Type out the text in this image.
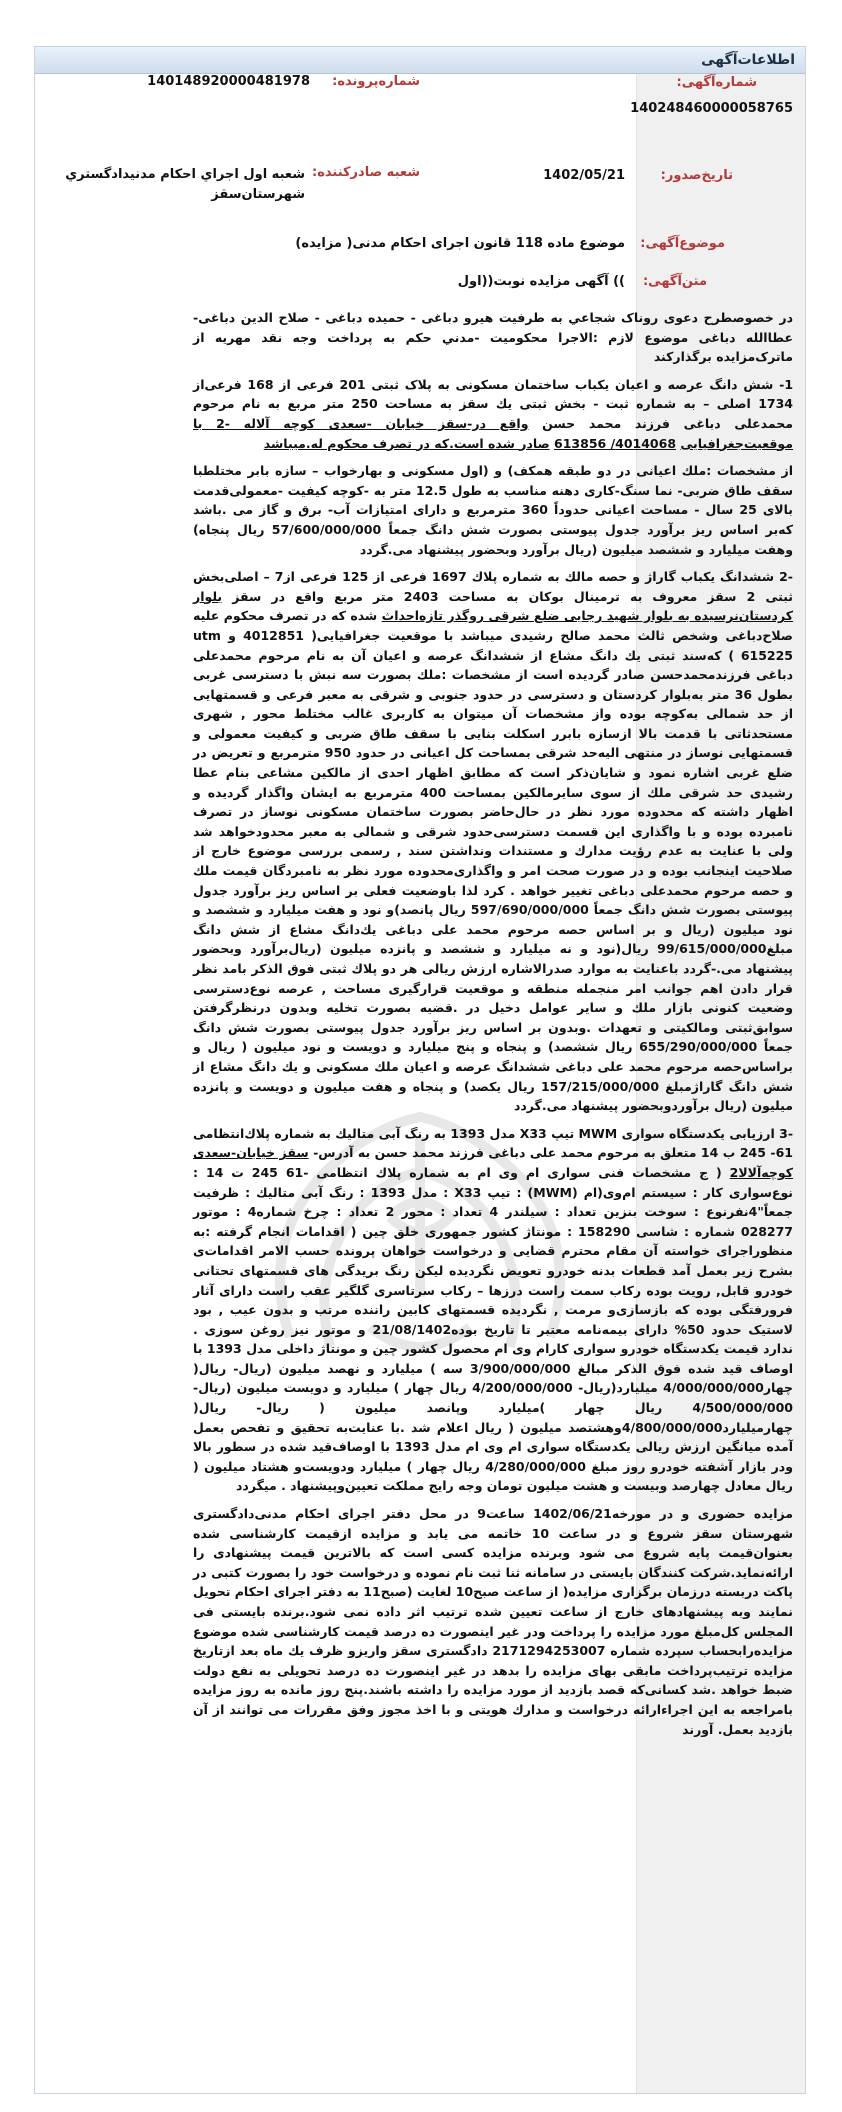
اطلاعات‌آگهی
شماره‌آگهی:
140248460000058765
شماره‌پرونده:
140148920000481978
تاریخ‌صدور:
1402/05/21
شعبه صادرکننده:
شعبه اول اجراي احكام مدنيدادگستري شهرستان‌سقز
موضوع‌آگهی:
موضوع ماده 118 قانون اجرای احکام مدنی( مزایده)
متن‌آگهی:
)) آگهی مزایده نوبت((اول

در خصوصطرح دعوی روناک شجاعي به طرفيت هيرو دباغی - حميده دباغی - صلاح الدين دباغی-عطاالله دباغی موضوع لازم :الاجرا محكوميت -مدني حكم به پرداخت وجه نقد مهريه از ماترک‌مزايده برگذاركند

1- شش دانگ عرصه و اعیان یکباب ساختمان مسکونی به پلاک ثبتی 201 فرعی از 168 فرعی‌از 1734 اصلی – به شماره ثبت - بخش ثبتی یك سقز به مساحت 250 متر مربع به نام مرحوم محمدعلی دباغی فرزند محمد حسن واقع در-سقز خیابان -سعدی کوچه آلاله -2 با موقعیت‌جغرافیایی 4014068/ 613856 صادر شده است.که در تصرف محکوم له.میباشد

از مشخصات :ملك اعیانی در دو طبقه همکف) و (اول مسکونی و بهارخواب – سازه بابر مختلطبا سقف طاق ضربی- نما سنگ-کاری دهنه مناسب به طول 12.5 متر به -کوچه کیفیت -معمولی‌قدمت بالای 25 سال - مساحت اعیانی حدوداً 360 مترمربع و دارای امتیازات آب- برق و گاز می .باشد که‌بر اساس ریز برآورد جدول پیوستی بصورت شش دانگ جمعاً 57/600/000/000 ریال پنجاه) وهفت میلیارد و ششصد میلیون (ریال برآورد وبحضور پیشنهاد می.گردد

-2 ششدانگ یکباب گاراژ و حصه مالك به شماره پلاك 1697 فرعی از 125 فرعی از7 – اصلی‌بخش ثبتی 2 سقز معروف به ترمینال بوکان به مساحت 2403 متر مربع واقع در سقز بلوار کردستان‌نرسیده به بلوار شهید رجایی ضلع شرقی روگذر تازه‌احداث شده که در تصرف محکوم علیه صلاح‌دباغی وشخص ثالث محمد صالح رشیدی میباشد با موقعیت جغرافیایی( 4012851 و utm 615225 ) که‌سند ثبتی یك دانگ مشاع از ششدانگ عرصه و اعیان آن به نام مرحوم محمدعلی دباغی فرزندمحمدحسن صادر گردیده است از مشخصات :ملك بصورت سه نبش با دسترسی غربی بطول 36 متر به‌بلوار کردستان و دسترسی در حدود جنوبی و شرقی به معبر فرعی و قسمتهایی از حد شمالی به‌کوچه بوده واز مشخصات آن میتوان به کاربری غالب مختلط محور , شهری مستحدثاتی با قدمت بالا ازسازه بابرر اسکلت بنایی با سقف طاق ضربی و کیفیت معمولی و قسمتهایی نوساز در منتهی الیه‌حد شرقی بمساحت کل اعیانی در حدود 950 مترمربع و تعریض در ضلع غربی اشاره نمود و شایان‌ذکر است که مطابق اظهار احدی از مالکین مشاعی بنام عطا رشیدی حد شرقی ملك از سوی سایرمالکین بمساحت 400 مترمربع به ایشان واگذار گردیده و اظهار داشته که محدوده مورد نظر در حال‌حاضر بصورت ساختمان مسکونی نوساز در تصرف نامبرده بوده و با واگذاری این قسمت دسترسی‌حدود شرقی و شمالی به معبر محدودخواهد شد ولی با عنایت به عدم رؤیت مدارك و مستندات ونداشتن سند , رسمی بررسی موضوع خارج از صلاحیت اینجانب بوده و در صورت صحت امر و واگذاری‌محدوده مورد نظر به نامبردگان قیمت ملك و حصه مرحوم محمدعلی دباغی تغییر خواهد . کرد لذا باوضعیت فعلی بر اساس ریز برآورد جدول پیوستی بصورت شش دانگ جمعاً 597/690/000/000 ریال پانصد)و نود و هفت میلیارد و ششصد و نود میلیون (ریال و بر اساس حصه مرحوم محمد علی دباغی یك‌دانگ مشاع از شش دانگ مبلغ99/615/000/000 ریال(نود و نه میلیارد و ششصد و پانزده میلیون (ریال‌برآورد وبحضور پیشنهاد می.-گردد باعنایت به موارد صدرالاشاره ارزش ریالی هر دو پلاك ثبتی فوق الذکر بامد نظر قرار دادن اهم جوانب امر منجمله منطقه و موقعیت قرارگیری مساحت , عرصه نوع‌دسترسی وضعیت کنونی بازار ملك و سایر عوامل دخیل در .قضیه بصورت تخلیه وبدون درنظرگرفتن سوابق‌ثبتی ومالکیتی و تعهدات .وبدون بر اساس ریز برآورد جدول پیوستی بصورت شش دانگ جمعاً 655/290/000/000 ریال ششصد) و پنجاه و پنج میلیارد و دویست و نود میلیون ( ریال و براساس‌حصه مرحوم محمد علی دباغی ششدانگ عرصه و اعیان ملك مسکونی و یك دانگ مشاع از شش دانگ گاراژمبلغ 157/215/000/000 ریال یکصد) و پنجاه و هفت میلیون و دویست و پانزده میلیون (ریال برآوردوبحضور پیشنهاد می.گردد

-3 ارزیابی یکدستگاه سواری MWM تیپ X33 مدل 1393 به رنگ آبی متالیك به شماره پلاك‌انتظامی 61- 245 ب 14 متعلق به مرحوم محمد علی دباغی فرزند محمد حسن به آدرس- سقز خیابان-سعدی کوچه‌آلالا2 ( ج مشخصات فنی سواری ام وی ام به شماره پلاك انتظامی -61 245 ت 14 : نوع‌سواری کار : سیستم ام‌وی‌(ام (MWM) : تیپ X33 : مدل 1393 : رنگ آبی متالیك : ظرفیت جمعاً"4نفرنوع : سوخت بنزین تعداد : سیلندر 4 تعداد : محور 2 تعداد : چرخ شماره4 : موتور 028277 شماره : شاسی 158290 : مونتاژ کشور جمهوری خلق چین ( اقدامات انجام گرفته :به منظوراجرای خواسته آن مقام محترم قضایی و درخواست خواهان پرونده حسب الامر اقدامات‌ی بشرح زیر بعمل آمد قطعات بدنه خودرو تعویض نگردیده لیکن رنگ بریدگی های قسمتهای تحتانی خودرو قابل, رویت بوده رکاب سمت راست درزها – رکاب سرتاسری گلگیر عقب راست دارای آثار فرورفتگی بوده که بازسازی‌و مرمت , نگردیده قسمتهای کابین راننده مرتب و بدون عیب , بود لاستیک حدود 50% دارای بیمه‌نامه معتبر تا تاریخ بوده21/08/1402 و موتور نیز روغن سوزی . ندارد قیمت یکدستگاه خودرو سواری کارام وی ام محصول کشور چین و مونتاژ داخلی مدل 1393 با اوصاف قید شده فوق الذکر مبالغ 3/900/000/000 سه ) میلیارد و نهصد میلیون (ریال- ریال( چهار4/000/000/000 میلیارد(ریال- 4/200/000/000 ریال چهار ) میلیارد و دویست میلیون (ریال- 4/500/000/000 ریال چهار )میلیارد وپانصد میلیون ( ریال- ریال( چهارمیلیارد4/800/000/000وهشتصد میلیون ( ریال اعلام شد .با عنایت‌به تحقیق و تفحص بعمل آمده میانگین ارزش ریالی یکدستگاه سواری ام وی ام مدل 1393 با اوصاف‌قید شده در سطور بالا ودر بازار آشفته خودرو روز مبلغ 4/280/000/000 ریال چهار ) میلیارد ودویست‌و هشتاد میلیون ( ریال معادل چهارصد وبیست و هشت میلیون تومان وجه رایج مملکت تعیین‌وپیشنهاد . میگردد

مزایده حضوری و در مورخه1402/06/21 ساعت9 در محل دفتر اجرای احکام مدنی‌دادگستری شهرستان سقز شروع و در ساعت 10 خاتمه می یابد و مزایده ازقیمت کارشناسی شده بعنوان‌قیمت پایه شروع می شود وبرنده مزایده کسی است که بالاترین قیمت پیشنهادی را ارائه‌نماید.شرکت کنندگان بایستی در سامانه ثنا ثبت نام نموده و درخواست خود را بصورت کتبی در پاکت دربسته درزمان برگزاری مزایده( از ساعت صبح10 لغایت (صبح11 به دفتر اجرای احکام تحویل نمایند وبه پیشنهادهای خارج از ساعت تعیین شده ترتیب اثر داده نمی شود.برنده بایستی فی المجلس کل‌مبلغ مورد مزایده را پرداخت ودر غیر اینصورت ده درصد قیمت کارشناسی شده موضوع مزایده‌رابحساب سپرده شماره 2171294253007 دادگستری سقز واریزو ظرف یك ماه بعد ازتاریخ مزایده ترتیب‌پرداخت مابقی بهای مزایده را بدهد در غیر اینصورت ده درصد تحویلی به نفع دولت ضبط خواهد .شد کسانی‌که قصد بازدید از مورد مزایده را داشته باشند.پنج روز مانده به روز مزایده بامراجعه به این اجراءارائه درخواست و مدارك هویتی و با اخذ مجوز وفق مقررات می توانند از آن بازدید بعمل. آورند
